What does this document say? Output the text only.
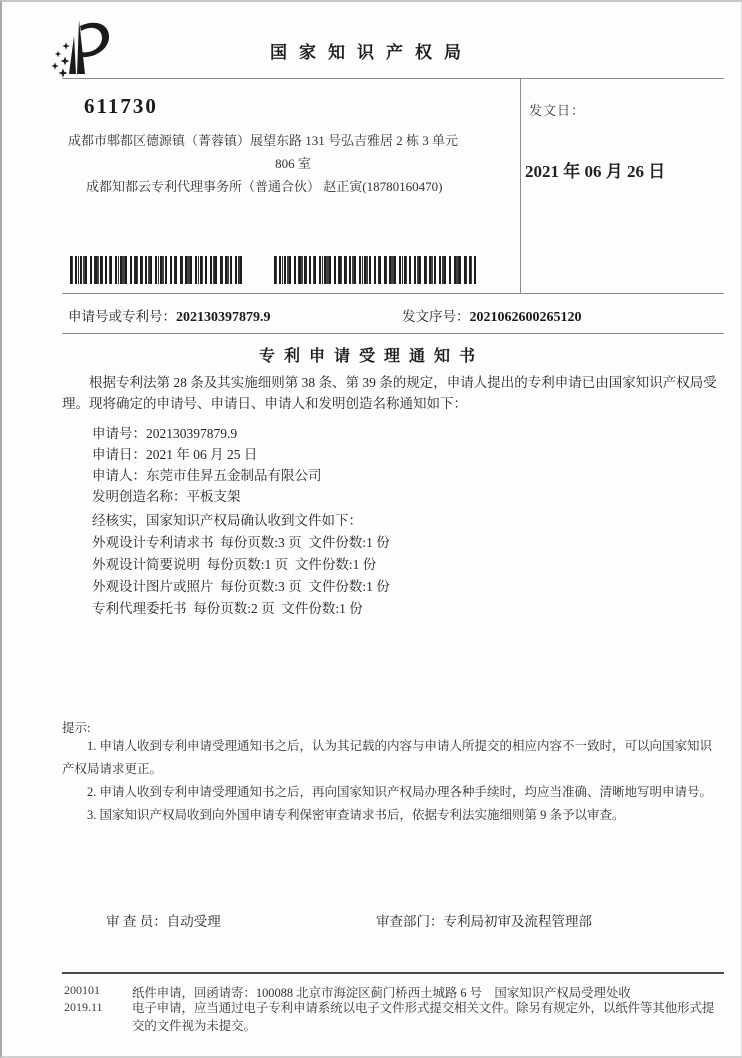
国家知识产权局
611730
成都市郫都区德源镇（菁蓉镇）展望东路 131 号弘吉雅居 2 栋 3 单元
806 室
成都知都云专利代理事务所（普通合伙） 赵正寅(18780160470)
发文日：
2021 年 06 月 26 日
申请号或专利号：202130397879.9	发文序号：2021062600265120
专利申请受理通知书
根据专利法第 28 条及其实施细则第 38 条、第 39 条的规定，申请人提出的专利申请已由国家知识产权局受理。现将确定的申请号、申请日、申请人和发明创造名称通知如下：
申请号：202130397879.9
申请日：2021 年 06 月 25 日
申请人：东莞市佳昇五金制品有限公司
发明创造名称：平板支架
经核实，国家知识产权局确认收到文件如下：
外观设计专利请求书  每份页数:3 页  文件份数:1 份
外观设计简要说明  每份页数:1 页  文件份数:1 份
外观设计图片或照片  每份页数:3 页  文件份数:1 份
专利代理委托书  每份页数:2 页  文件份数:1 份
提示:

1. 申请人收到专利申请受理通知书之后，认为其记载的内容与申请人所提交的相应内容不一致时，可以向国家知识产权局请求更正。

2. 申请人收到专利申请受理通知书之后，再向国家知识产权局办理各种手续时，均应当准确、清晰地写明申请号。

3. 国家知识产权局收到向外国申请专利保密审查请求书后，依据专利法实施细则第 9 条予以审查。

审 查 员：自动受理	审查部门：专利局初审及流程管理部
200101
2019.11
纸件申请，回函请寄：100088 北京市海淀区蓟门桥西土城路 6 号　国家知识产权局受理处收
电子申请，应当通过电子专利申请系统以电子文件形式提交相关文件。除另有规定外，以纸件等其他形式提交的文件视为未提交。
